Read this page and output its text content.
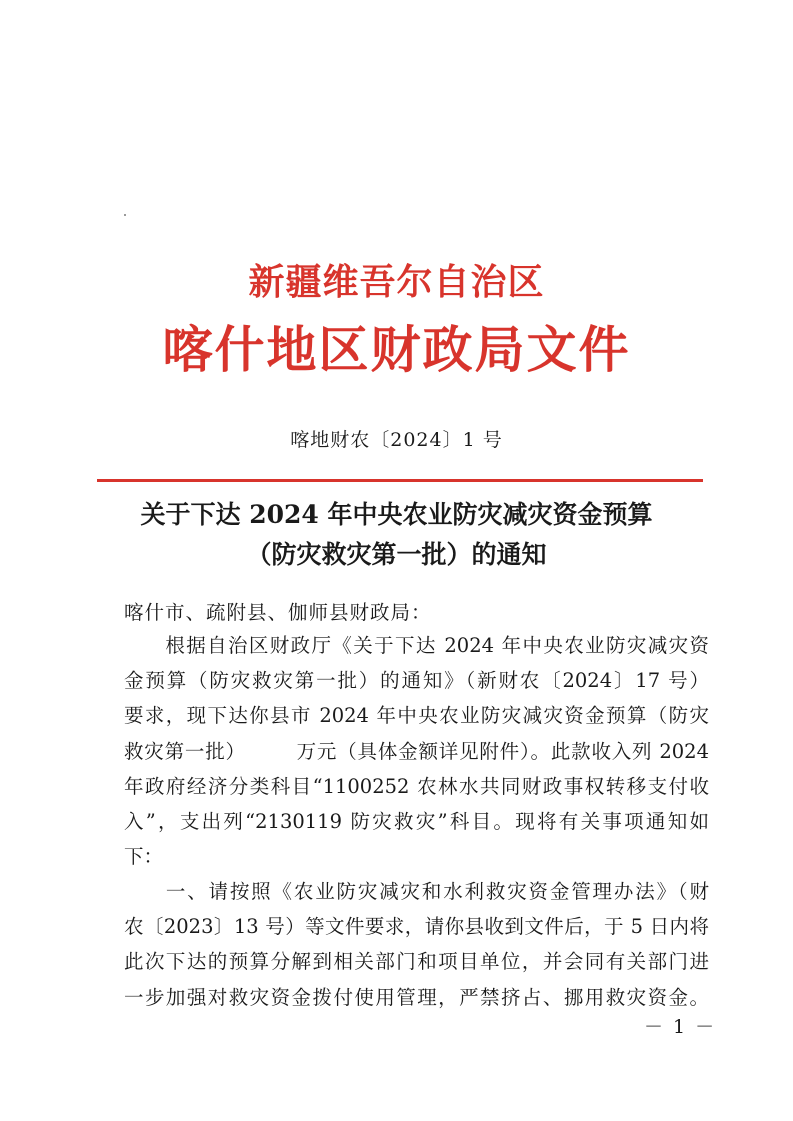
新疆维吾尔自治区
喀什地区财政局文件
喀地财农〔2024〕1 号
关于下达 2024 年中央农业防灾减灾资金预算
（防灾救灾第一批）的通知
喀什市、疏附县、伽师县财政局：
根据自治区财政厅《关于下达 2024 年中央农业防灾减灾资
金预算（防灾救灾第一批）的通知》（新财农〔2024〕17 号）
要求，现下达你县市 2024 年中央农业防灾减灾资金预算（防灾
救灾第一批）	万元（具体金额详见附件）。此款收入列 2024
年政府经济分类科目“1100252 农林水共同财政事权转移支付收
入”，支出列“2130119 防灾救灾”科目。现将有关事项通知如
下：
一、请按照《农业防灾减灾和水利救灾资金管理办法》（财
农〔2023〕13 号）等文件要求，请你县收到文件后，于 5 日内将
此次下达的预算分解到相关部门和项目单位，并会同有关部门进
一步加强对救灾资金拨付使用管理，严禁挤占、挪用救灾资金。
－ 1 －
